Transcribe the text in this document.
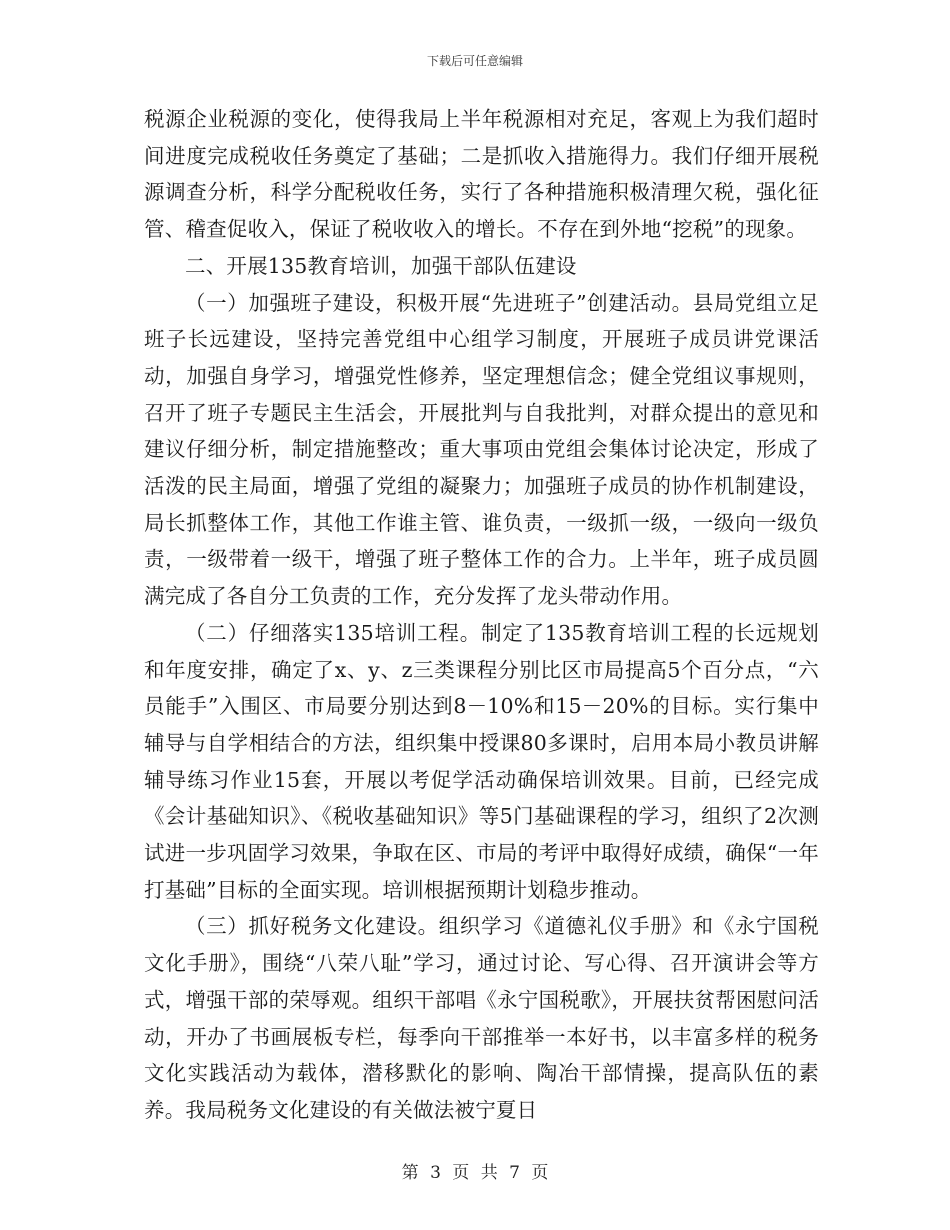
下载后可任意编辑

税源企业税源的变化，使得我局上半年税源相对充足，客观上为我们超时间进度完成税收任务奠定了基础；二是抓收入措施得力。我们仔细开展税源调查分析，科学分配税收任务，实行了各种措施积极清理欠税，强化征管、稽查促收入，保证了税收收入的增长。不存在到外地“挖税”的现象。

二、开展135教育培训，加强干部队伍建设

（一）加强班子建设，积极开展“先进班子”创建活动。县局党组立足班子长远建设，坚持完善党组中心组学习制度，开展班子成员讲党课活动，加强自身学习，增强党性修养，坚定理想信念；健全党组议事规则，召开了班子专题民主生活会，开展批判与自我批判，对群众提出的意见和建议仔细分析，制定措施整改；重大事项由党组会集体讨论决定，形成了活泼的民主局面，增强了党组的凝聚力；加强班子成员的协作机制建设，局长抓整体工作，其他工作谁主管、谁负责，一级抓一级，一级向一级负责，一级带着一级干，增强了班子整体工作的合力。上半年，班子成员圆满完成了各自分工负责的工作，充分发挥了龙头带动作用。

（二）仔细落实135培训工程。制定了135教育培训工程的长远规划和年度安排，确定了x、y、z三类课程分别比区市局提高5个百分点，“六员能手”入围区、市局要分别达到8－10%和15－20%的目标。实行集中辅导与自学相结合的方法，组织集中授课80多课时，启用本局小教员讲解辅导练习作业15套，开展以考促学活动确保培训效果。目前，已经完成《会计基础知识》、《税收基础知识》等5门基础课程的学习，组织了2次测试进一步巩固学习效果，争取在区、市局的考评中取得好成绩，确保“一年打基础”目标的全面实现。培训根据预期计划稳步推动。

（三）抓好税务文化建设。组织学习《道德礼仪手册》和《永宁国税文化手册》，围绕“八荣八耻”学习，通过讨论、写心得、召开演讲会等方式，增强干部的荣辱观。组织干部唱《永宁国税歌》，开展扶贫帮困慰问活动，开办了书画展板专栏，每季向干部推举一本好书，以丰富多样的税务文化实践活动为载体，潜移默化的影响、陶冶干部情操，提高队伍的素养。我局税务文化建设的有关做法被宁夏日

第 3 页 共 7 页
